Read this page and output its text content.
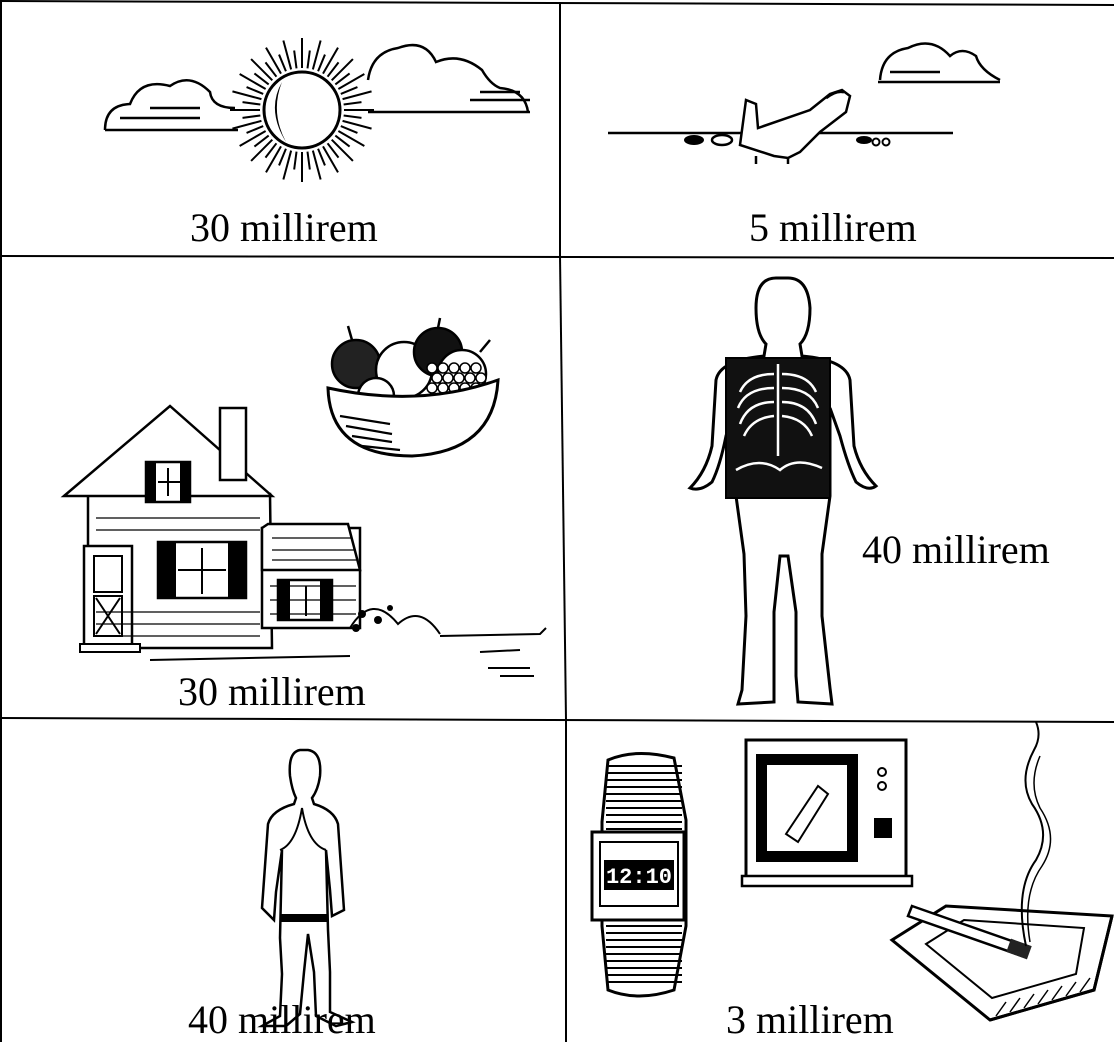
30 millirem	5 millirem
30 millirem
40 millirem
40 millirem
12:10
3 millirem
